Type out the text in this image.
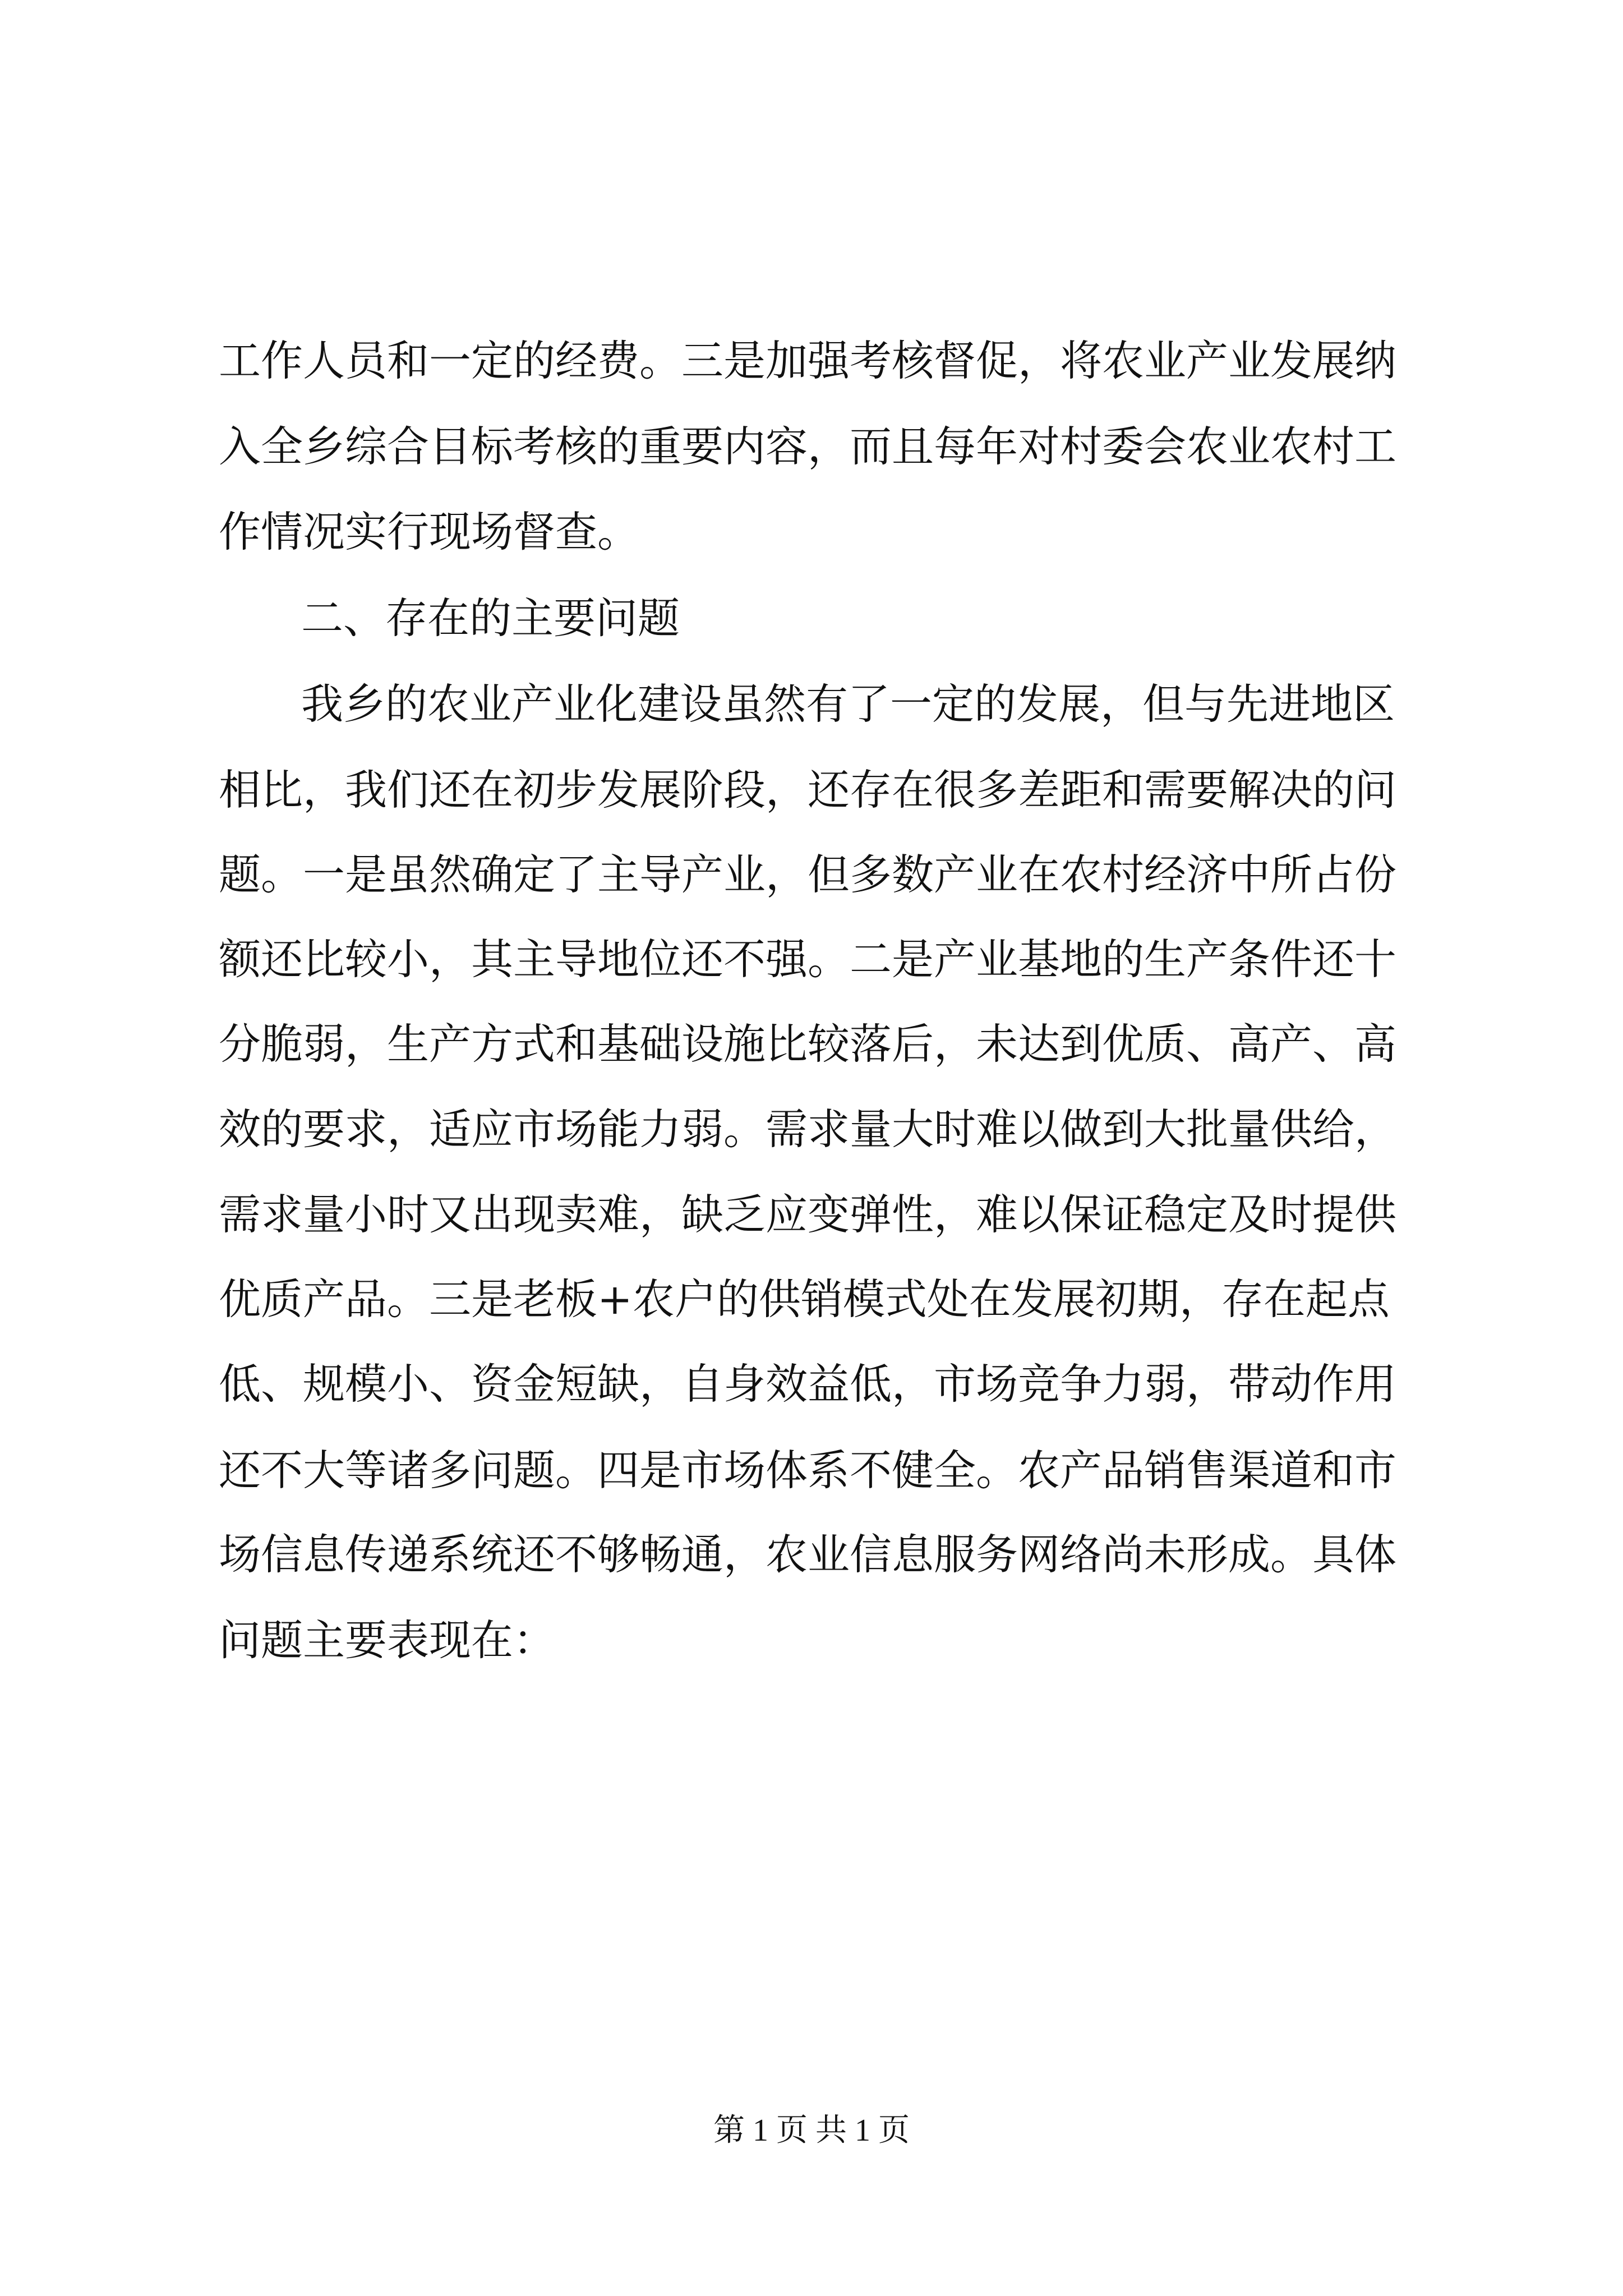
工作人员和一定的经费。三是加强考核督促，将农业产业发展纳
入全乡综合目标考核的重要内容，而且每年对村委会农业农村工
作情况实行现场督查。
二、存在的主要问题
我乡的农业产业化建设虽然有了一定的发展，但与先进地区
相比，我们还在初步发展阶段，还存在很多差距和需要解决的问
题。一是虽然确定了主导产业，但多数产业在农村经济中所占份
额还比较小，其主导地位还不强。二是产业基地的生产条件还十
分脆弱，生产方式和基础设施比较落后，未达到优质、高产、高
效的要求，适应市场能力弱。需求量大时难以做到大批量供给，
需求量小时又出现卖难，缺乏应变弹性，难以保证稳定及时提供
优质产品。三是老板+农户的供销模式处在发展初期，存在起点
低、规模小、资金短缺，自身效益低，市场竞争力弱，带动作用
还不大等诸多问题。四是市场体系不健全。农产品销售渠道和市
场信息传递系统还不够畅通，农业信息服务网络尚未形成。具体
问题主要表现在：
第 1 页 共 1 页
